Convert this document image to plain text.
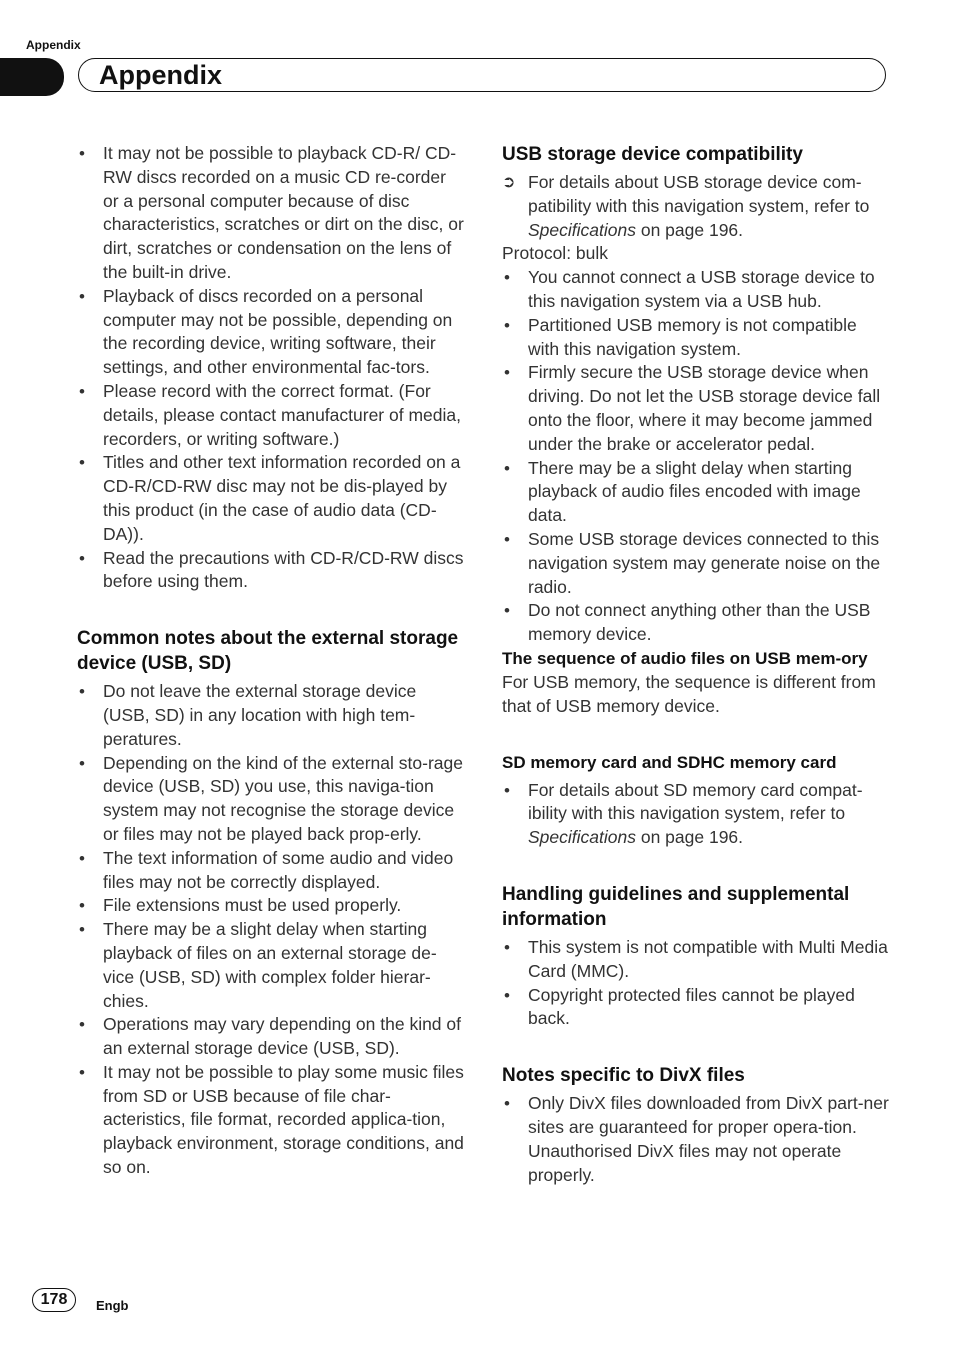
Appendix
Appendix
• It may not be possible to playback CD-R/ CD-RW discs recorded on a music CD re-corder or a personal computer because of disc characteristics, scratches or dirt on the disc, or dirt, scratches or condensation on the lens of the built-in drive.
• Playback of discs recorded on a personal computer may not be possible, depending on the recording device, writing software, their settings, and other environmental fac-tors.
• Please record with the correct format. (For details, please contact manufacturer of media, recorders, or writing software.)
• Titles and other text information recorded on a CD-R/CD-RW disc may not be dis-played by this product (in the case of audio data (CD-DA)).
• Read the precautions with CD-R/CD-RW discs before using them.
Common notes about the external storage device (USB, SD)
• Do not leave the external storage device (USB, SD) in any location with high tem-peratures.
• Depending on the kind of the external sto-rage device (USB, SD) you use, this naviga-tion system may not recognise the storage device or files may not be played back prop-erly.
• The text information of some audio and video files may not be correctly displayed.
• File extensions must be used properly.
• There may be a slight delay when starting playback of files on an external storage de-vice (USB, SD) with complex folder hierar-chies.
• Operations may vary depending on the kind of an external storage device (USB, SD).
• It may not be possible to play some music files from SD or USB because of file char-acteristics, file format, recorded applica-tion, playback environment, storage conditions, and so on.
USB storage device compatibility
➲ For details about USB storage device com-patibility with this navigation system, refer to Specifications on page 196.

Protocol: bulk

• You cannot connect a USB storage device to this navigation system via a USB hub.
• Partitioned USB memory is not compatible with this navigation system.
• Firmly secure the USB storage device when driving. Do not let the USB storage device fall onto the floor, where it may become jammed under the brake or accelerator pedal.
• There may be a slight delay when starting playback of audio files encoded with image data.
• Some USB storage devices connected to this navigation system may generate noise on the radio.
• Do not connect anything other than the USB memory device.
The sequence of audio files on USB mem-ory

For USB memory, the sequence is different from that of USB memory device.

SD memory card and SDHC memory card
• For details about SD memory card compat-ibility with this navigation system, refer to Specifications on page 196.
Handling guidelines and supplemental information
• This system is not compatible with Multi Media Card (MMC).
• Copyright protected files cannot be played back.
Notes specific to DivX files
• Only DivX files downloaded from DivX part-ner sites are guaranteed for proper opera-tion. Unauthorised DivX files may not operate properly.
178	Engb
